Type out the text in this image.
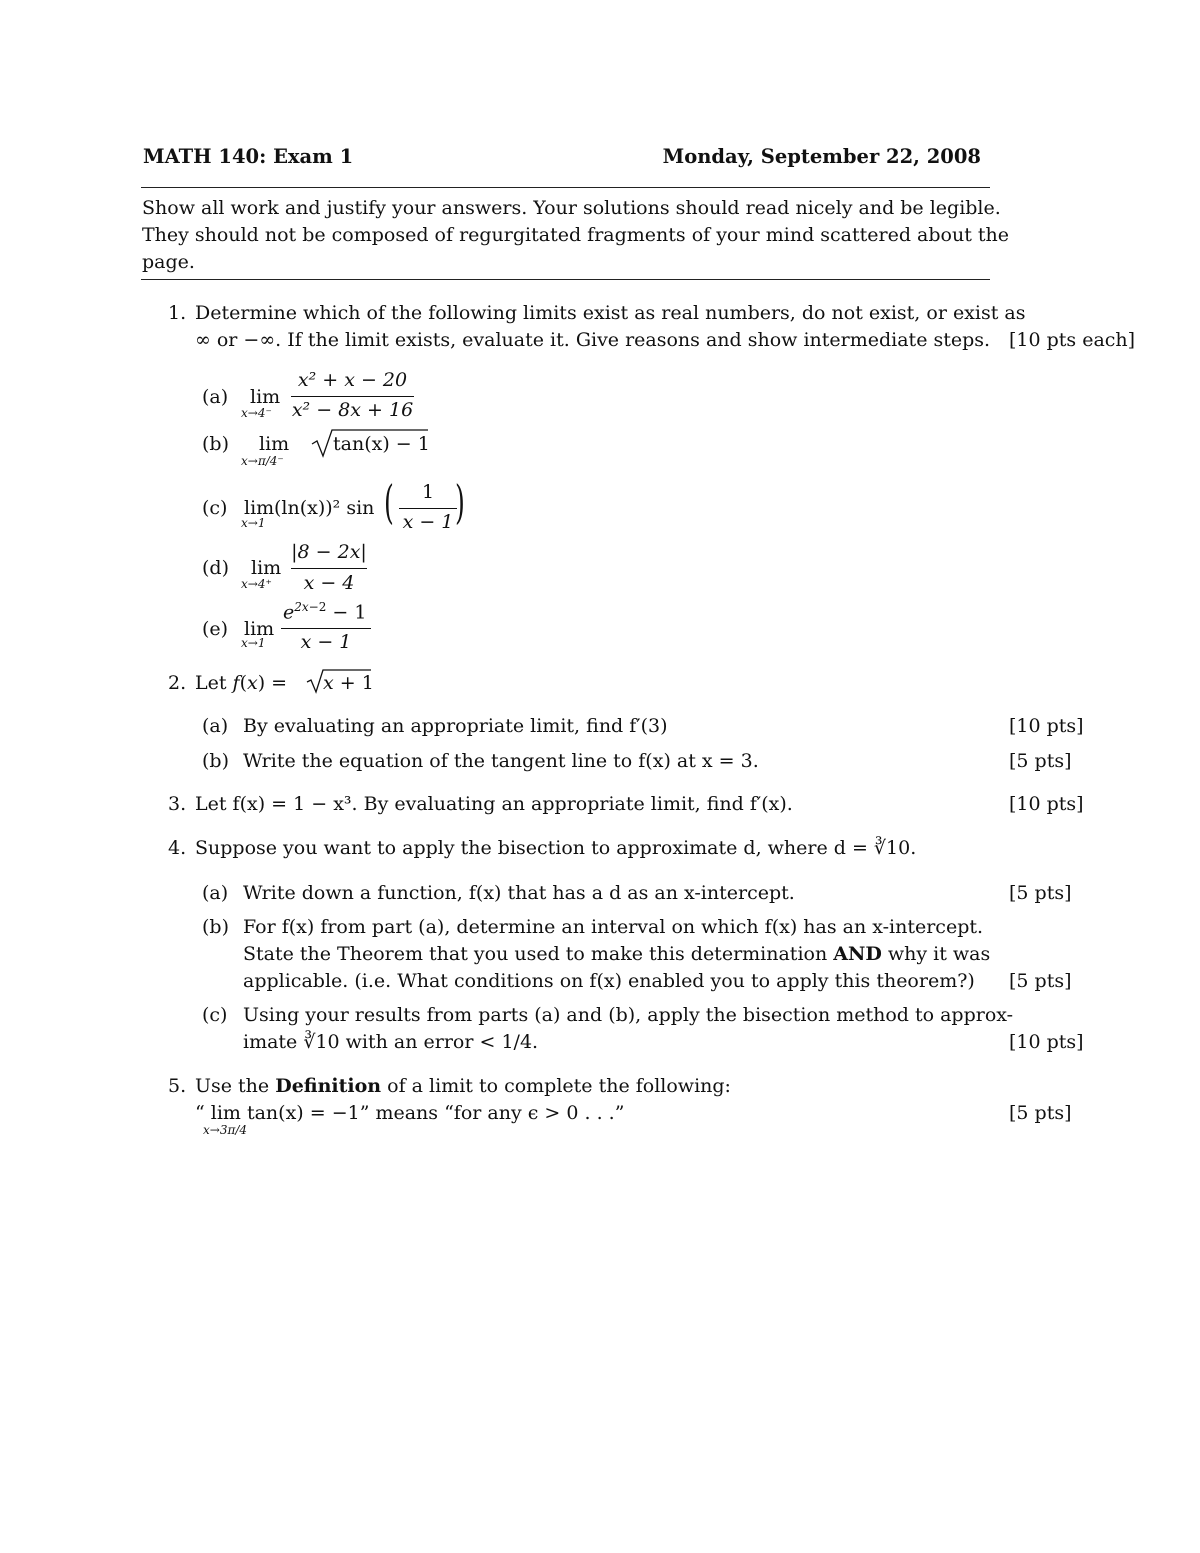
MATH 140: Exam 1	Monday, September 22, 2008
Show all work and justify your answers. Your solutions should read nicely and be legible.
They should not be composed of regurgitated fragments of your mind scattered about the
page.
1. Determine which of the following limits exist as real numbers, do not exist, or exist as
∞ or −∞. If the limit exists, evaluate it. Give reasons and show intermediate steps. [10 pts each]
(a) lim
x→4⁻
x² + x − 20
x² − 8x + 16
(b) lim
x→π/4⁻
tan(x) − 1
(c) lim
x→1
(ln(x))² sin (	1
x − 1 )
(d) lim
x→4⁺
|8 − 2x|
x − 4
(e) lim
x→1
$e^{2x-2} - 1$
x − 1
2. Let f(x) = x + 1
(a) By evaluating an appropriate limit, find f′(3)	[10 pts]
(b) Write the equation of the tangent line to f(x) at x = 3.	[5 pts]
3. Let f(x) = 1 − x³. By evaluating an appropriate limit, find f′(x).	[10 pts]
4. Suppose you want to apply the bisection to approximate d, where d = ∛10.
(a) Write down a function, f(x) that has a d as an x-intercept.	[5 pts]
(b) For f(x) from part (a), determine an interval on which f(x) has an x-intercept.
State the Theorem that you used to make this determination AND why it was
applicable. (i.e. What conditions on f(x) enabled you to apply this theorem?) [5 pts]
(c) Using your results from parts (a) and (b), apply the bisection method to approx-
imate ∛10 with an error < 1/4.	[10 pts]
5. Use the Definition of a limit to complete the following:
“ lim tan(x) = −1” means “for any ϵ > 0 . . .”
x→3π/4
[5 pts]
